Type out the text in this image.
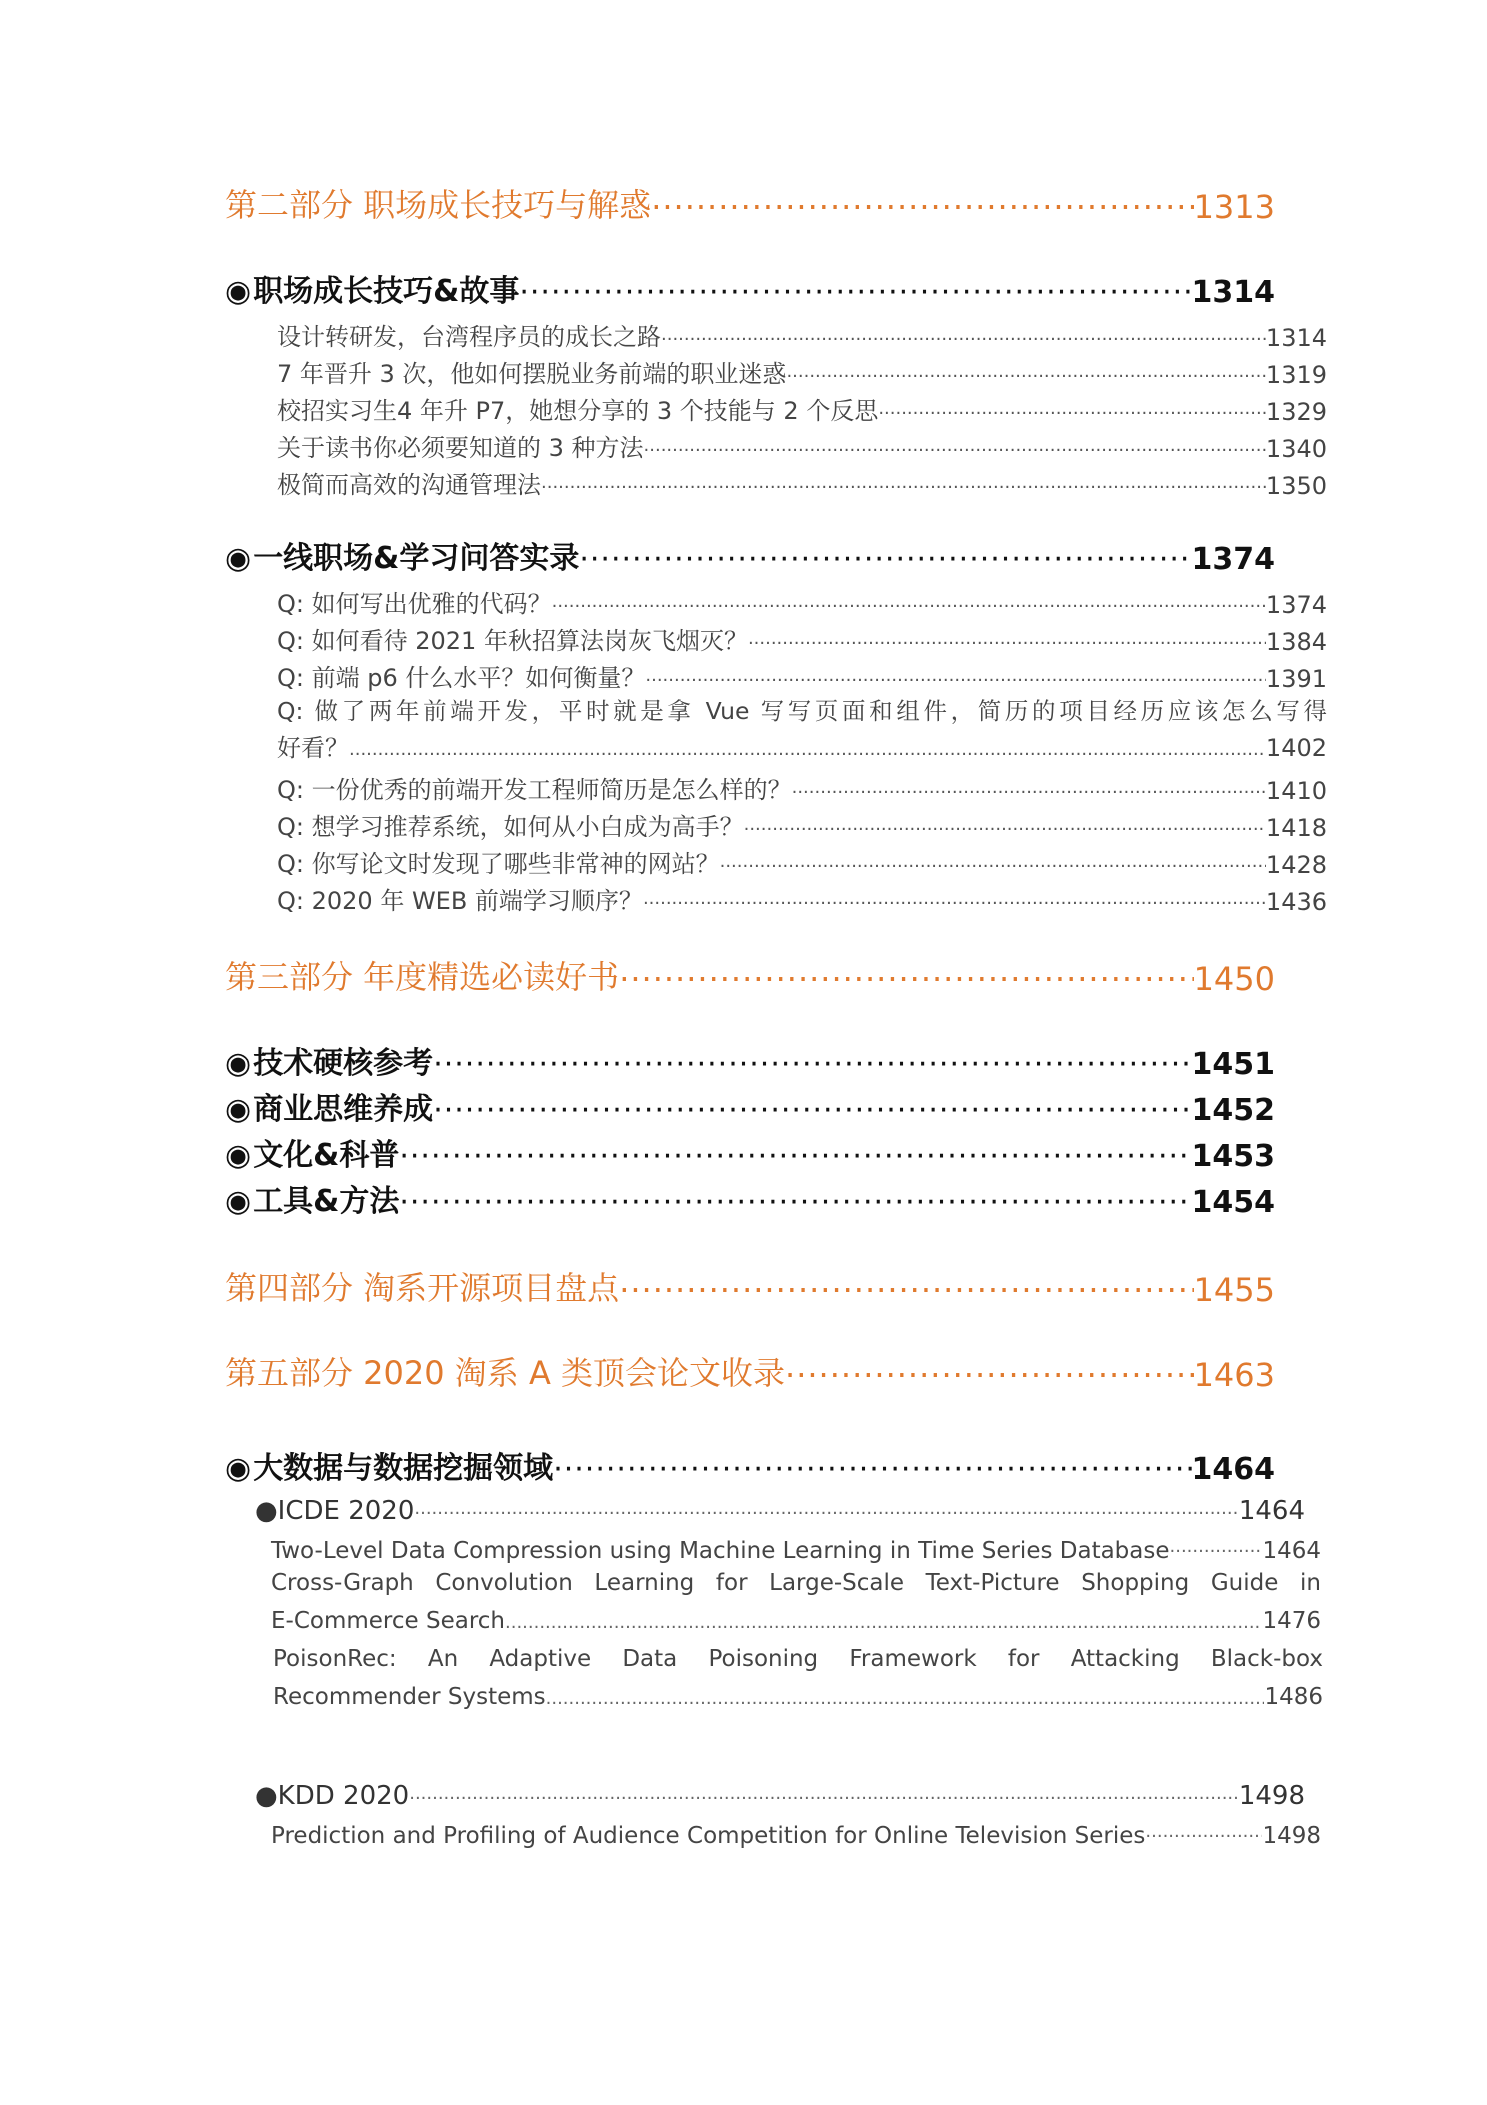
第二部分 职场成长技巧与解惑 ·····	1313
◉职场成长技巧&故事 ·····	1314
设计转研发，台湾程序员的成长之路 ·····	1314
7 年晋升 3 次，他如何摆脱业务前端的职业迷惑 ·····	1319
校招实习生4 年升 P7，她想分享的 3 个技能与 2 个反思 ·····	1329
关于读书你必须要知道的 3 种方法 ·····	1340
极简而高效的沟通管理法 ·····	1350
◉一线职场&学习问答实录 ·····	1374
Q: 如何写出优雅的代码？ ·····	1374
Q: 如何看待 2021 年秋招算法岗灰飞烟灭？ ·····	1384
Q: 前端 p6 什么水平？如何衡量？ ·····	1391
Q: 做了两年前端开发，平时就是拿 Vue 写写页面和组件，简历的项目经历应该怎么写得
好看？ ·····	1402
Q: 一份优秀的前端开发工程师简历是怎么样的？ ·····	1410
Q: 想学习推荐系统，如何从小白成为高手？ ·····	1418
Q: 你写论文时发现了哪些非常神的网站？ ·····	1428
Q: 2020 年 WEB 前端学习顺序？ ·····	1436
第三部分 年度精选必读好书 ·····	1450
◉技术硬核参考 ·····	1451
◉商业思维养成 ·····	1452
◉文化&科普 ·····	1453
◉工具&方法 ·····	1454
第四部分 淘系开源项目盘点 ·····	1455
第五部分 2020 淘系 A 类顶会论文收录 ·····	1463
◉大数据与数据挖掘领域 ·····	1464
●ICDE 2020 ·····	1464
Two-Level Data Compression using Machine Learning in Time Series Database ·····	1464
Cross-Graph Convolution Learning for Large-Scale Text-Picture Shopping Guide in
E-Commerce Search ·····	1476
PoisonRec: An Adaptive Data Poisoning Framework for Attacking Black-box
Recommender Systems ·····	1486
●KDD 2020 ·····	1498
Prediction and Profiling of Audience Competition for Online Television Series ·····	1498
